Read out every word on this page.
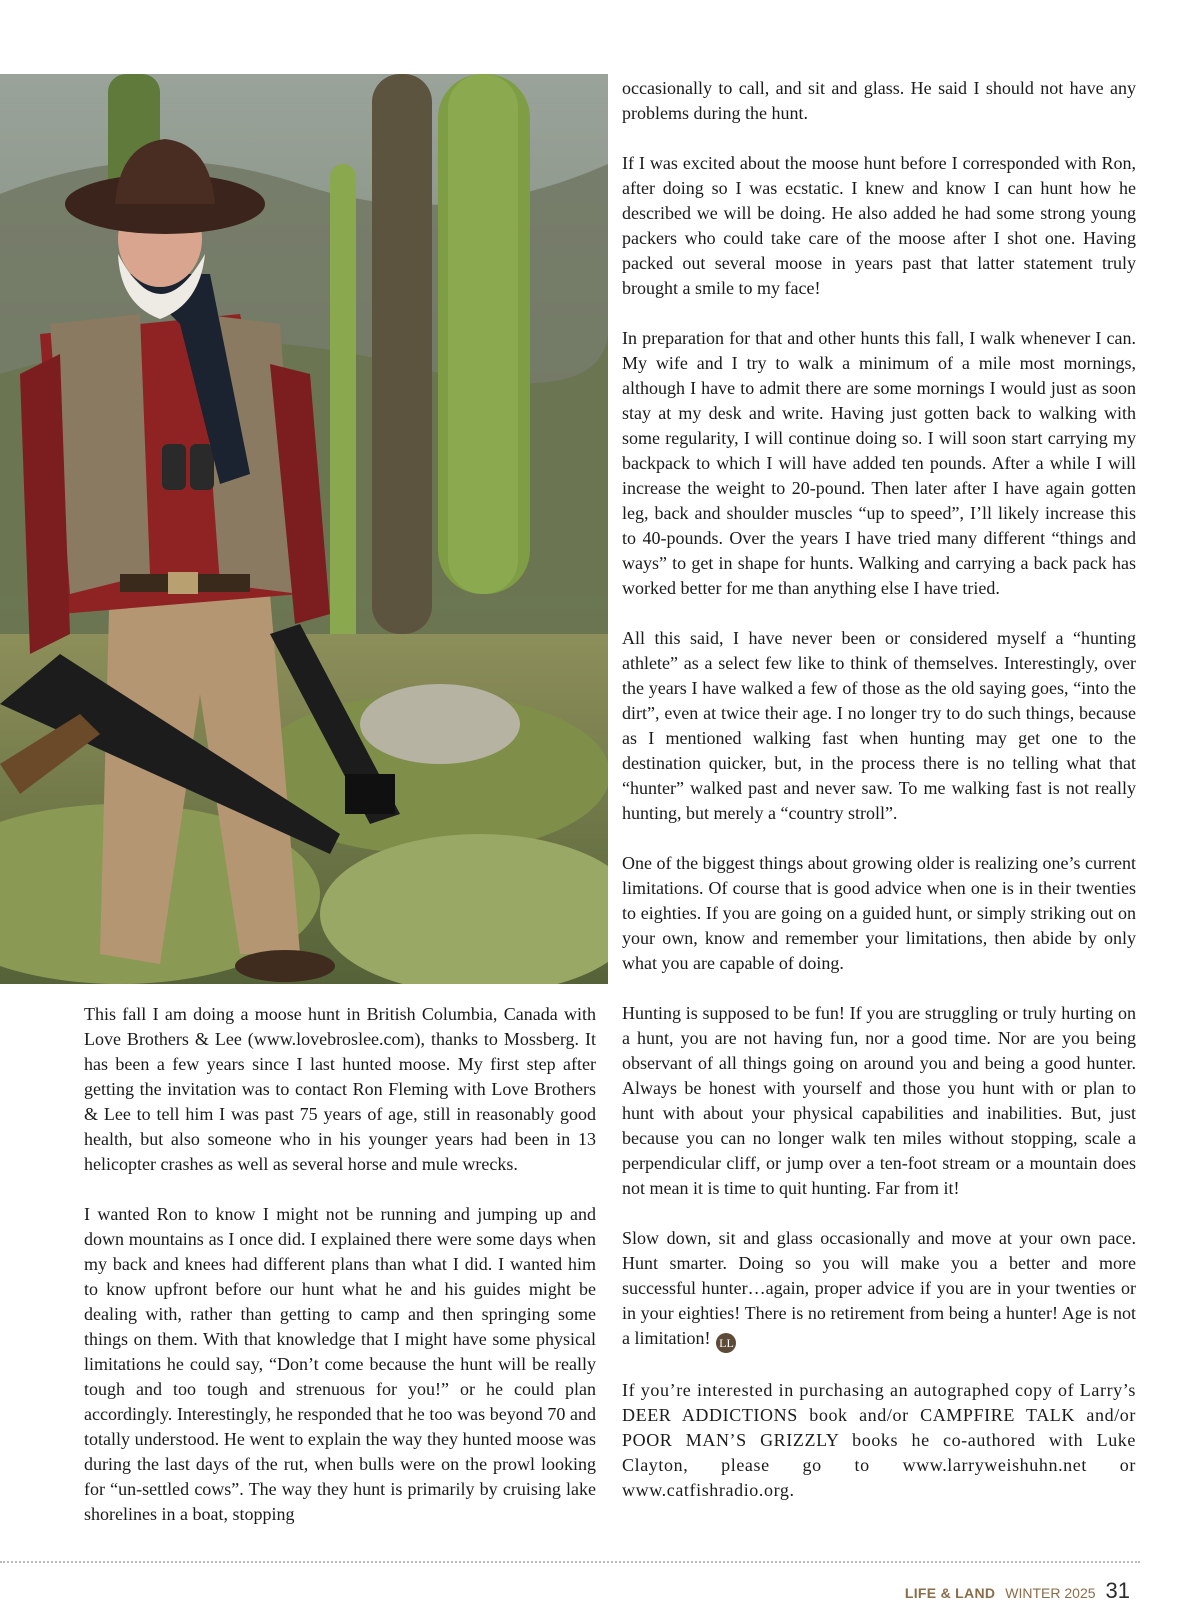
This fall I am doing a moose hunt in British Columbia, Canada with Love Brothers & Lee (www.lovebroslee.com), thanks to Mossberg. It has been a few years since I last hunted moose. My first step after getting the invitation was to contact Ron Fleming with Love Brothers & Lee to tell him I was past 75 years of age, still in reasonably good health, but also someone who in his younger years had been in 13 helicopter crashes as well as several horse and mule wrecks.

I wanted Ron to know I might not be running and jumping up and down mountains as I once did. I explained there were some days when my back and knees had different plans than what I did. I wanted him to know upfront before our hunt what he and his guides might be dealing with, rather than getting to camp and then springing some things on them. With that knowledge that I might have some physical limitations he could say, “Don’t come because the hunt will be really tough and too tough and strenuous for you!” or he could plan accordingly. Interestingly, he responded that he too was beyond 70 and totally understood. He went to explain the way they hunted moose was during the last days of the rut, when bulls were on the prowl looking for “un-settled cows”. The way they hunt is primarily by cruising lake shorelines in a boat, stopping

occasionally to call, and sit and glass. He said I should not have any problems during the hunt.

If I was excited about the moose hunt before I corresponded with Ron, after doing so I was ecstatic. I knew and know I can hunt how he described we will be doing. He also added he had some strong young packers who could take care of the moose after I shot one. Having packed out several moose in years past that latter statement truly brought a smile to my face!

In preparation for that and other hunts this fall, I walk whenever I can. My wife and I try to walk a minimum of a mile most mornings, although I have to admit there are some mornings I would just as soon stay at my desk and write. Having just gotten back to walking with some regularity, I will continue doing so. I will soon start carrying my backpack to which I will have added ten pounds. After a while I will increase the weight to 20-pound. Then later after I have again gotten leg, back and shoulder muscles “up to speed”, I’ll likely increase this to 40-pounds. Over the years I have tried many different “things and ways” to get in shape for hunts. Walking and carrying a back pack has worked better for me than anything else I have tried.

All this said, I have never been or considered myself a “hunting athlete” as a select few like to think of themselves. Interestingly, over the years I have walked a few of those as the old saying goes, “into the dirt”, even at twice their age. I no longer try to do such things, because as I mentioned walking fast when hunting may get one to the destination quicker, but, in the process there is no telling what that “hunter” walked past and never saw. To me walking fast is not really hunting, but merely a “country stroll”.

One of the biggest things about growing older is realizing one’s current limitations. Of course that is good advice when one is in their twenties to eighties. If you are going on a guided hunt, or simply striking out on your own, know and remember your limitations, then abide by only what you are capable of doing.

Hunting is supposed to be fun! If you are struggling or truly hurting on a hunt, you are not having fun, nor a good time. Nor are you being observant of all things going on around you and being a good hunter. Always be honest with yourself and those you hunt with or plan to hunt with about your physical capabilities and inabilities. But, just because you can no longer walk ten miles without stopping, scale a perpendicular cliff, or jump over a ten-foot stream or a mountain does not mean it is time to quit hunting. Far from it!

Slow down, sit and glass occasionally and move at your own pace. Hunt smarter. Doing so you will make you a better and more successful hunter…again, proper advice if you are in your twenties or in your eighties! There is no retirement from being a hunter! Age is not a limitation! LL

If you’re interested in purchasing an autographed copy of Larry’s DEER ADDICTIONS book and/or CAMPFIRE TALK and/or POOR MAN’S GRIZZLY books he co-authored with Luke Clayton, please go to www.larryweishuhn.net or www.catfishradio.org.

LIFE & LAND WINTER 2025 31
